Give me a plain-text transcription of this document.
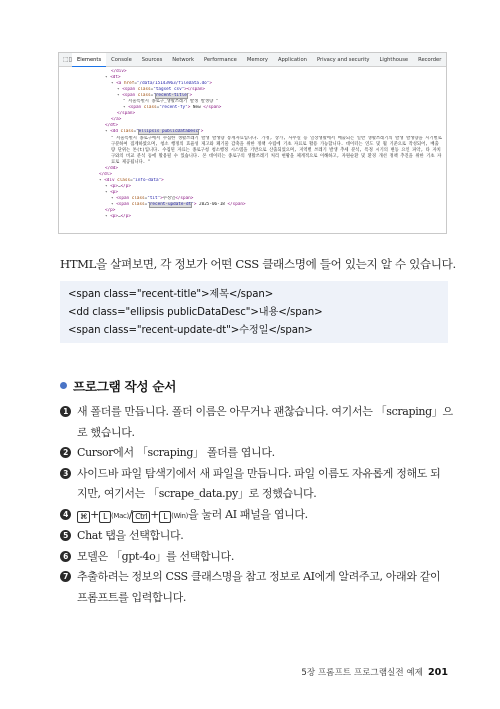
⬚ ▯ Elements	Console	Sources	Network	Performance	Memory	Application	Privacy and security	Lighthouse	Recorder
</div>
▾ <dt>
▾ <a href="/data/15143963/fileData.do">
▾ <span class="tagset csv"></span>
▾ <span class="recent-title">
" 서울특별시 종로구_생활쓰레기 발생 발생량 "
▾ <span class="recent-fy"> New </span>
</span>
</a>
</dt>
▾ <dd class="ellipsis publicDataDesc">
" 서울특별시 종로구에서 수집한 생활쓰레기 발생 발생량 통계자료입니다. 가정, 상가, 사무실 등 일상생활에서 배출되는 일반 생활쓰레기의 발생 발생량을 시기별로 구분하여 집계하였으며, 청소 행정의 효율성 제고와 폐기물 감축을 위한 정책 수립에 기초 자료로 활용 가능합니다. 데이터는 연도 및 월 기준으로 작성되어, 배출량 단위는 톤(t)입니다. 수집된 자료는 종로구청 청소행정 시스템을 기반으로 산출되었으며, 지역별 쓰레기 발생 추세 분석, 특정 시기의 변동 요인 파악, 타 자치구와의 비교 분석 등에 활용될 수 있습니다. 본 데이터는 종로구의 생활쓰레기 처리 현황을 체계적으로 이해하고, 자원순환 및 환경 개선 정책 추진을 위한 기초 자료로 제공됩니다. "
</dd>
</dl>
▾ <div class="info-data">
▾ <p>…</p>
▾ <p>
▾ <span class="tit">수정일</span>
▾ <span class="recent-update-dt"> 2025-06-18 </span>
</p>
▾ <p>…</p>
HTML을 살펴보면, 각 정보가 어떤 CSS 클래스명에 들어 있는지 알 수 있습니다.
<span class="recent-title">제목</span>
<dd class="ellipsis publicDataDesc">내용</span>
<span class="recent-update-dt">수정일</span>
프로그램 작성 순서
1 새 폴더를 만듭니다. 폴더 이름은 아무거나 괜찮습니다. 여기서는 「scraping」으
로 했습니다.
2 Cursor에서 「scraping」 폴더를 엽니다.
3 사이드바 파일 탐색기에서 새 파일을 만듭니다. 파일 이름도 자유롭게 정해도 되
지만, 여기서는 「scrape_data.py」로 정했습니다.
4	⌘ + L (Mac)/ Ctrl + L (Win)을 눌러 AI 패널을 엽니다.
5 Chat 탭을 선택합니다.
6 모델은 「gpt-4o」를 선택합니다.
7 추출하려는 정보의 CSS 클래스명을 참고 정보로 AI에게 알려주고, 아래와 같이
프롬프트를 입력합니다.
5장 프롬프트 프로그램실전 예제 201
